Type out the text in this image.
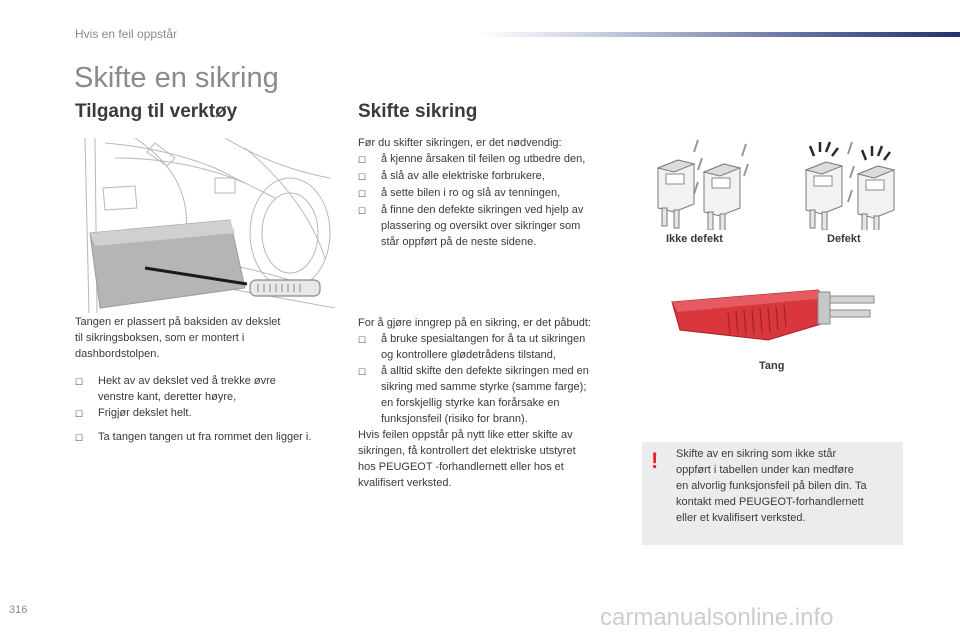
Hvis en feil oppstår
Skifte en sikring
Tilgang til verktøy
Tangen er plassert på baksiden av dekslet
til sikringsboksen, som er montert i
dashbordstolpen.
☐	Hekt av av dekslet ved å trekke øvre
venstre kant, deretter høyre,
☐	Frigjør dekslet helt.
☐	Ta tangen tangen ut fra rommet den ligger i.
Skifte sikring
Før du skifter sikringen, er det nødvendig:
☐	å kjenne årsaken til feilen og utbedre den,
☐	å slå av alle elektriske forbrukere,
☐	å sette bilen i ro og slå av tenningen,
☐	å finne den defekte sikringen ved hjelp av
plassering og oversikt over sikringer som
står oppført på de neste sidene.
For å gjøre inngrep på en sikring, er det påbudt:
☐	å bruke spesialtangen for å ta ut sikringen
og kontrollere glødetrådens tilstand,
☐	å alltid skifte den defekte sikringen med en
sikring med samme styrke (samme farge);
en forskjellig styrke kan forårsake en
funksjonsfeil (risiko for brann).
Hvis feilen oppstår på nytt like etter skifte av
sikringen, få kontrollert det elektriske utstyret
hos PEUGEOT -forhandlernett eller hos et
kvalifisert verksted.
Ikke defekt	Defekt
Tang
! Skifte av en sikring som ikke står
oppført i tabellen under kan medføre
en alvorlig funksjonsfeil på bilen din. Ta
kontakt med PEUGEOT-forhandlernett
eller et kvalifisert verksted.
316	carmanualsonline.info
